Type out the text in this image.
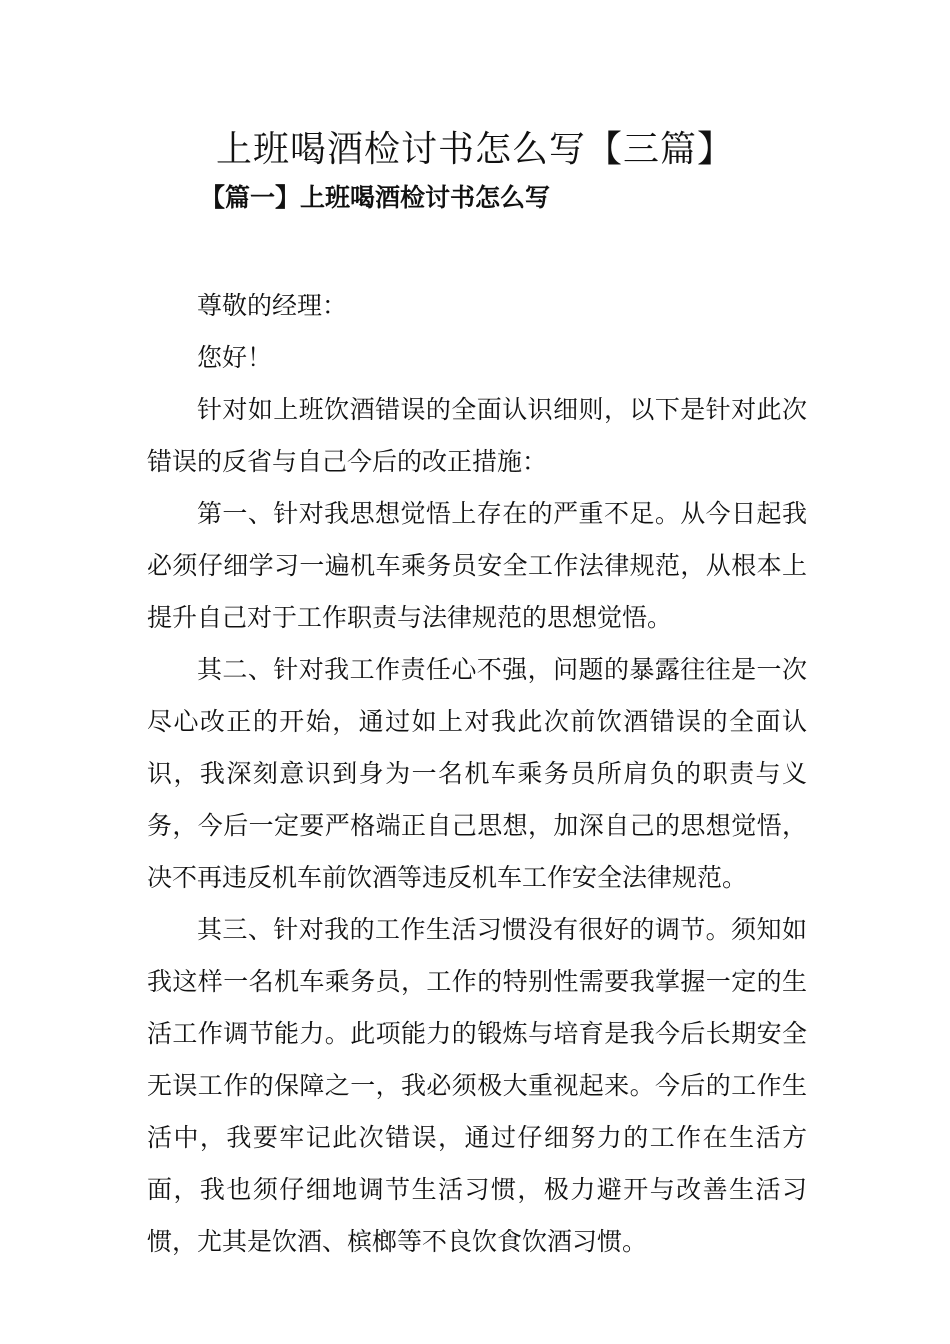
上班喝酒检讨书怎么写【三篇】
【篇一】上班喝酒检讨书怎么写

尊敬的经理：

您好！

针对如上班饮酒错误的全面认识细则，以下是针对此次错误的反省与自己今后的改正措施：

第一、针对我思想觉悟上存在的严重不足。从今日起我必须仔细学习一遍机车乘务员安全工作法律规范，从根本上提升自己对于工作职责与法律规范的思想觉悟。

其二、针对我工作责任心不强，问题的暴露往往是一次尽心改正的开始，通过如上对我此次前饮酒错误的全面认识，我深刻意识到身为一名机车乘务员所肩负的职责与义务，今后一定要严格端正自己思想，加深自己的思想觉悟，决不再违反机车前饮酒等违反机车工作安全法律规范。

其三、针对我的工作生活习惯没有很好的调节。须知如我这样一名机车乘务员，工作的特别性需要我掌握一定的生活工作调节能力。此项能力的锻炼与培育是我今后长期安全无误工作的保障之一，我必须极大重视起来。今后的工作生活中，我要牢记此次错误，通过仔细努力的工作在生活方面，我也须仔细地调节生活习惯，极力避开与改善生活习惯，尤其是饮酒、槟榔等不良饮食饮酒习惯。
